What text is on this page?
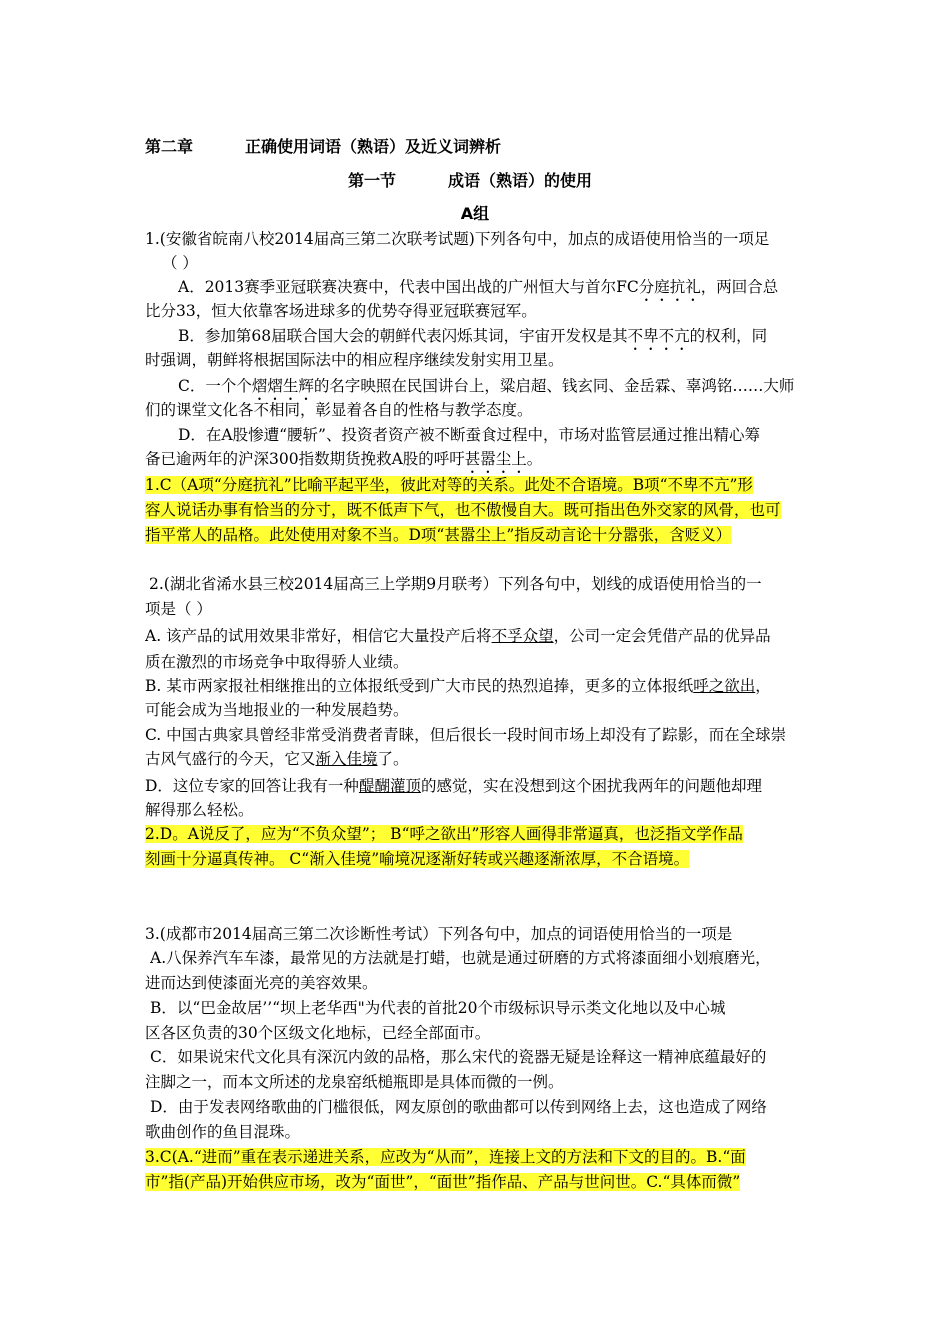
第二章	正确使用词语（熟语）及近义词辨析
第一节	成语（熟语）的使用
A组
1.(安徽省皖南八校2014届高三第二次联考试题)下列各句中，加点的成语使用恰当的一项足
（ ）
A．2013赛季亚冠联赛决赛中，代表中国出战的广州恒大与首尔FC分庭抗礼，两回合总
比分33，恒大依靠客场进球多的优势夺得亚冠联赛冠军。
B．参加第68届联合国大会的朝鲜代表闪烁其词，宇宙开发权是其不卑不亢的权利，同
时强调，朝鲜将根据国际法中的相应程序继续发射实用卫星。
C．一个个熠熠生辉的名字映照在民国讲台上，粱启超、钱玄同、金岳霖、辜鸿铭……大师
们的课堂文化各不相同，彰显着各自的性格与教学态度。
D．在A股惨遭“腰斩”、投资者资产被不断蚕食过程中，市场对监管层通过推出精心筹
备已逾两年的沪深300指数期货挽救A股的呼吁甚嚣尘上。
1.C（A项“分庭抗礼”比喻平起平坐，彼此对等的关系。此处不合语境。B项“不卑不亢”形
容人说话办事有恰当的分寸，既不低声下气，也不傲慢自大。既可指出色外交家的风骨，也可
指平常人的品格。此处使用对象不当。D项“甚嚣尘上”指反动言论十分嚣张，含贬义）
2.(湖北省浠水县三校2014届高三上学期9月联考）下列各句中，划线的成语使用恰当的一
项是（ ）
A. 该产品的试用效果非常好，相信它大量投产后将不孚众望，公司一定会凭借产品的优异品
质在激烈的市场竞争中取得骄人业绩。
B. 某市两家报社相继推出的立体报纸受到广大市民的热烈追捧，更多的立体报纸呼之欲出，
可能会成为当地报业的一种发展趋势。
C. 中国古典家具曾经非常受消费者青睐，但后很长一段时间市场上却没有了踪影，而在全球崇
古风气盛行的今天，它又渐入佳境了。
D．这位专家的回答让我有一种醍醐灌顶的感觉，实在没想到这个困扰我两年的问题他却理
解得那么轻松。
2.D。A说反了，应为“不负众望”； B“呼之欲出”形容人画得非常逼真，也泛指文学作品
刻画十分逼真传神。 C“渐入佳境”喻境况逐渐好转或兴趣逐渐浓厚，不合语境。
3.(成都市2014届高三第二次诊断性考试）下列各句中，加点的词语使用恰当的一项是
A.八保养汽车车漆，最常见的方法就是打蜡，也就是通过研磨的方式将漆面细小划痕磨光，
进而达到使漆面光亮的美容效果。
B．以“巴金故居’’“坝上老华西"为代表的首批20个市级标识导示类文化地以及中心城
区各区负责的30个区级文化地标，已经全部面市。
C．如果说宋代文化具有深沉内敛的品格，那么宋代的瓷器无疑是诠释这一精神底蕴最好的
注脚之一，而本文所述的龙泉窑纸槌瓶即是具体而微的一例。
D．由于发表网络歌曲的门槛很低，网友原创的歌曲都可以传到网络上去，这也造成了网络
歌曲创作的鱼目混珠。
3.C(A.“进而”重在表示递进关系，应改为“从而”，连接上文的方法和下文的目的。B.“面
市”指(产品)开始供应市场，改为“面世”，“面世”指作品、产品与世问世。C.“具体而微”
